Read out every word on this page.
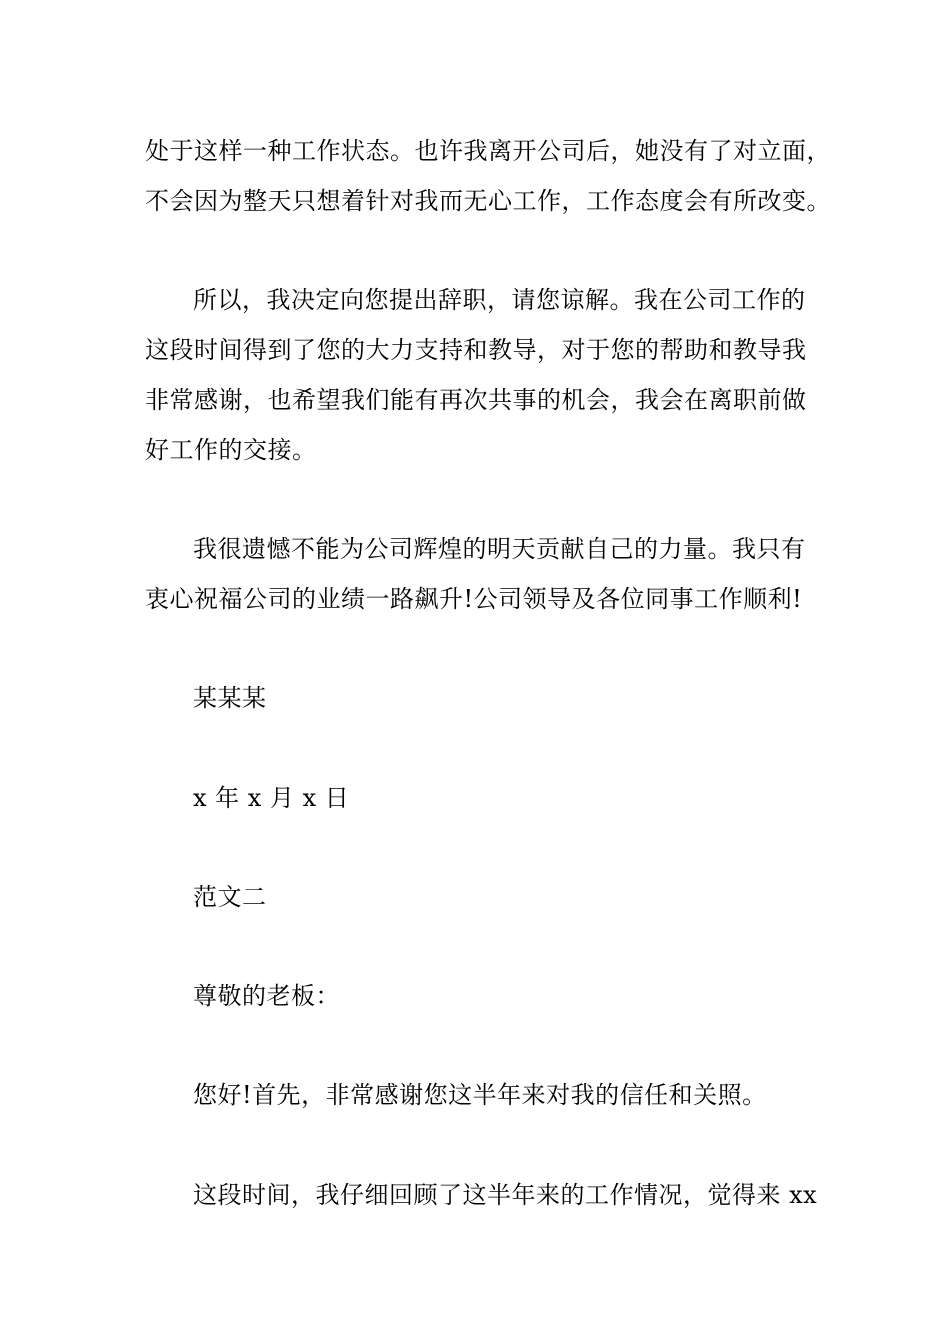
处于这样一种工作状态。也许我离开公司后，她没有了对立面，
不会因为整天只想着针对我而无心工作，工作态度会有所改变。
所以，我决定向您提出辞职，请您谅解。我在公司工作的
这段时间得到了您的大力支持和教导，对于您的帮助和教导我
非常感谢，也希望我们能有再次共事的机会，我会在离职前做
好工作的交接。
我很遗憾不能为公司辉煌的明天贡献自己的力量。我只有
衷心祝福公司的业绩一路飙升!公司领导及各位同事工作顺利!
某某某
x 年 x 月 x 日
范文二
尊敬的老板：
您好!首先，非常感谢您这半年来对我的信任和关照。
这段时间，我仔细回顾了这半年来的工作情况，觉得来 xx
